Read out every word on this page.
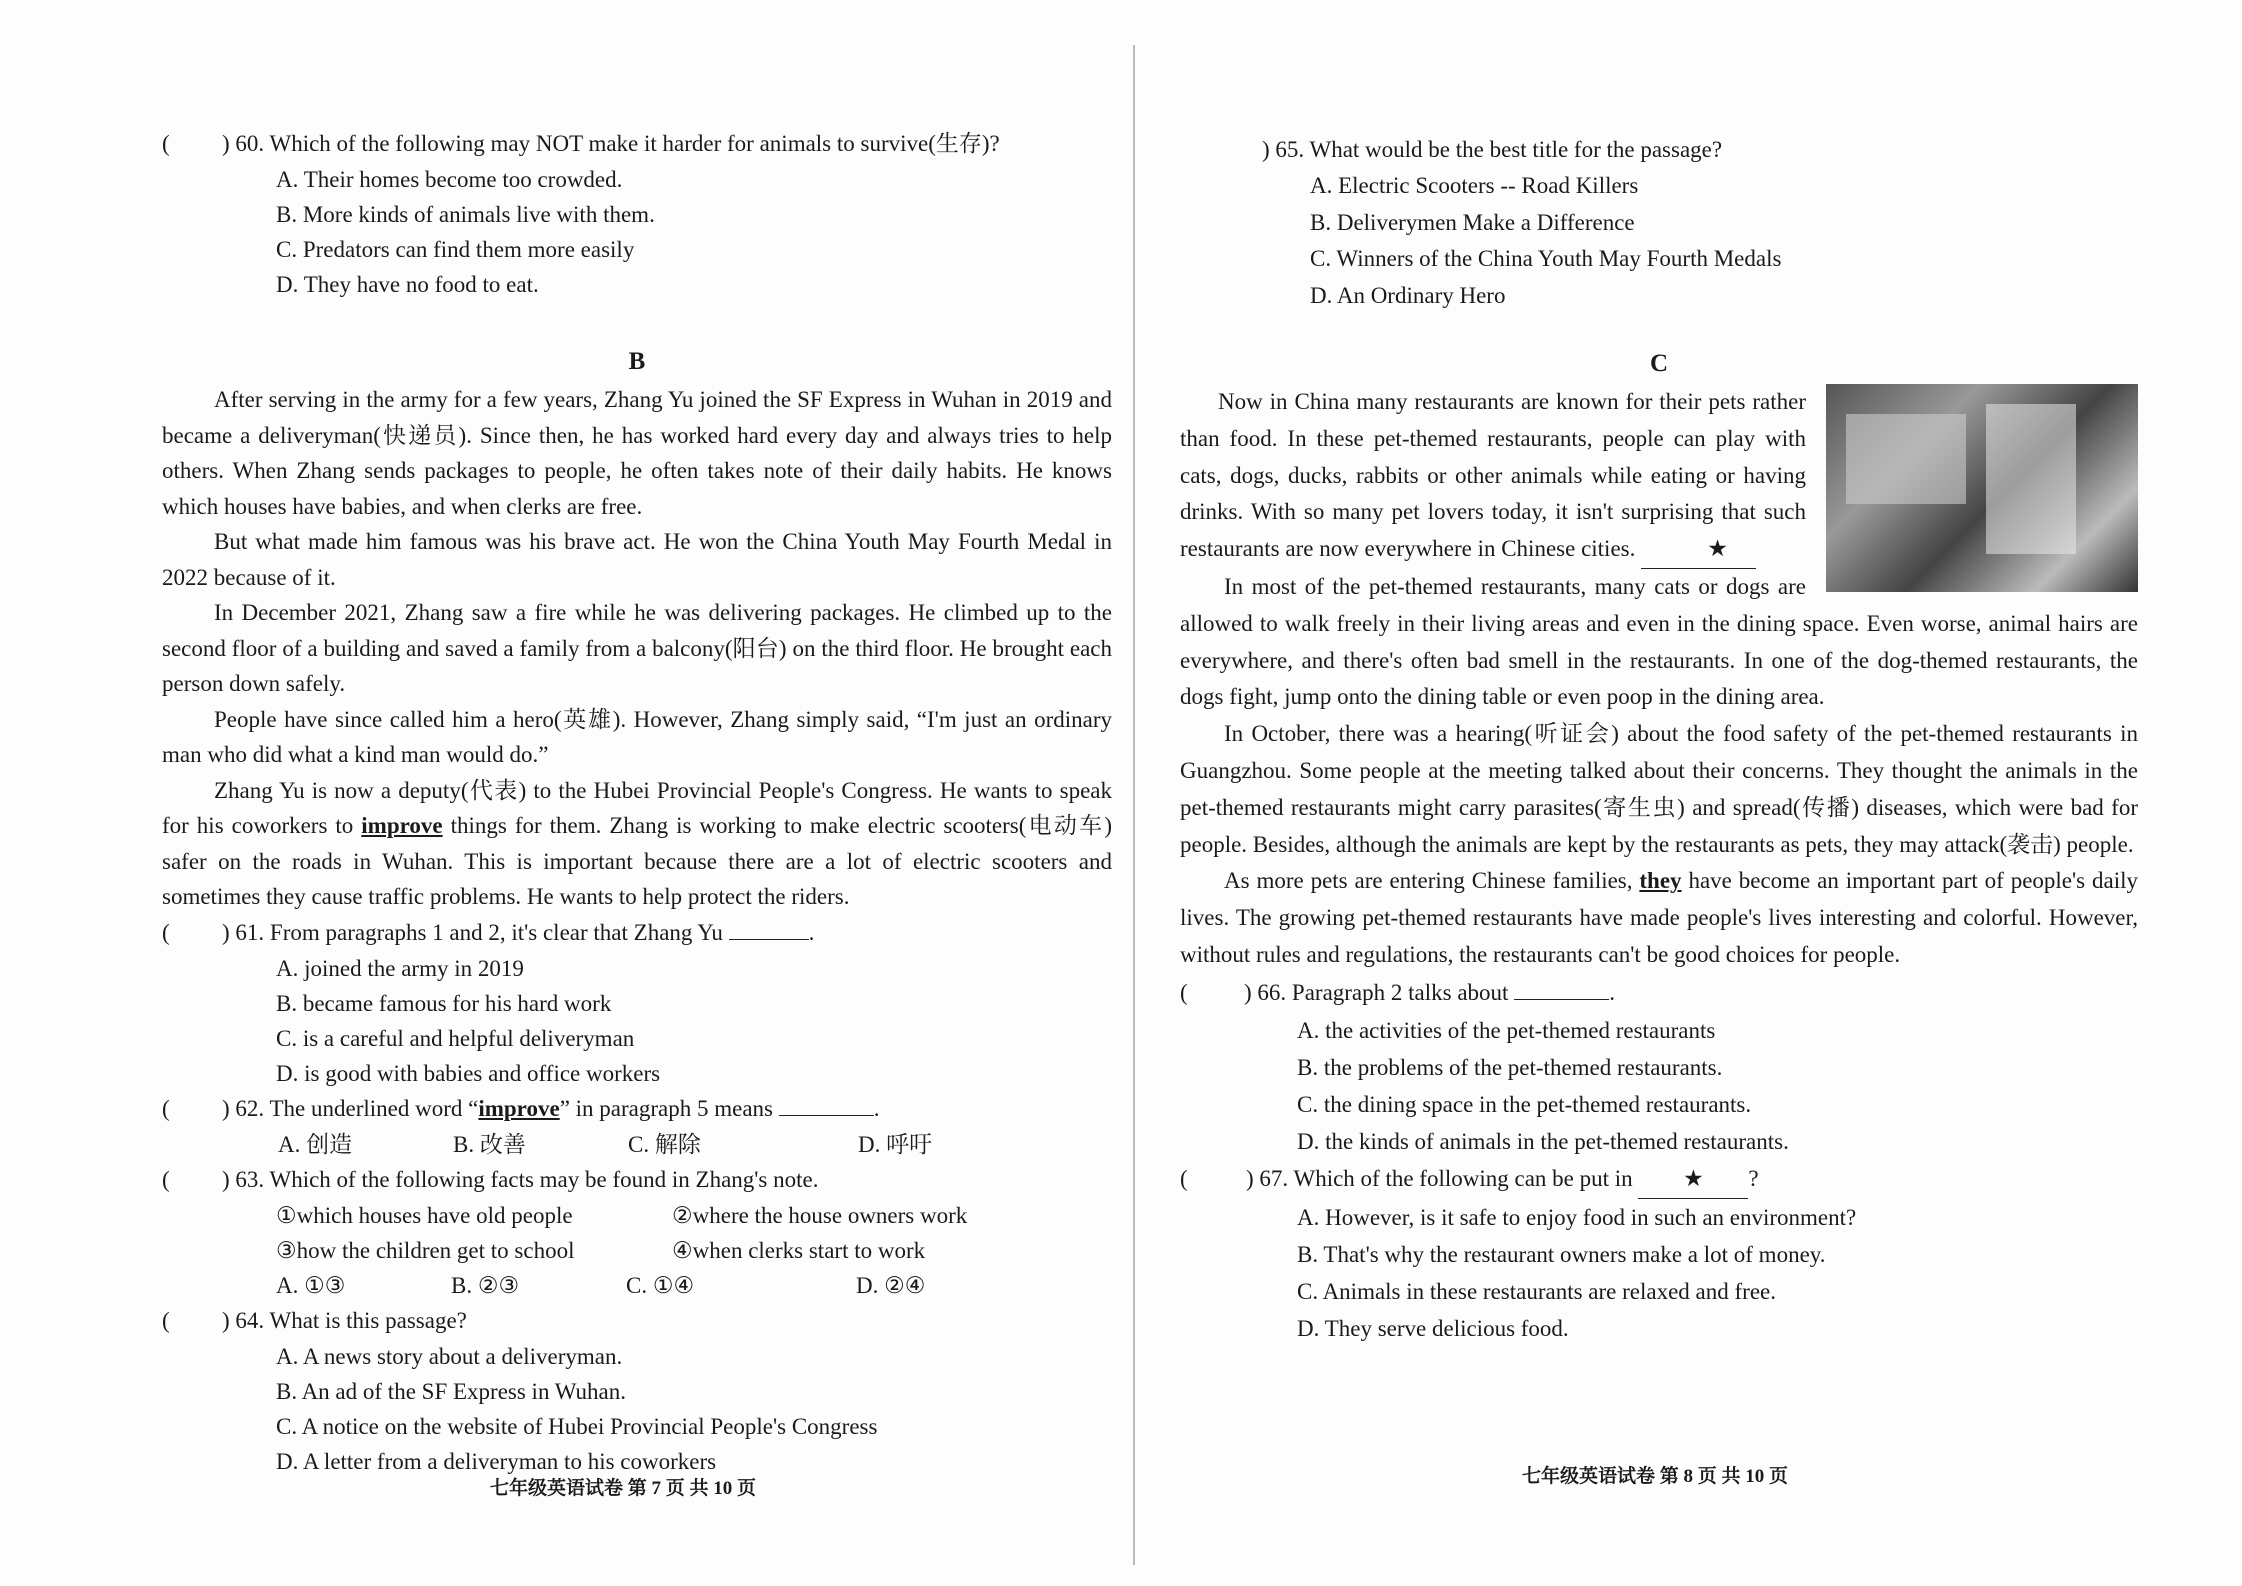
( ) 60. Which of the following may NOT make it harder for animals to survive(生存)?
A. Their homes become too crowded.
B. More kinds of animals live with them.
C. Predators can find them more easily
D. They have no food to eat.
B
After serving in the army for a few years, Zhang Yu joined the SF Express in Wuhan in 2019 and became a deliveryman(快递员). Since then, he has worked hard every day and always tries to help others. When Zhang sends packages to people, he often takes note of their daily habits. He knows which houses have babies, and when clerks are free.
But what made him famous was his brave act. He won the China Youth May Fourth Medal in 2022 because of it.
In December 2021, Zhang saw a fire while he was delivering packages. He climbed up to the second floor of a building and saved a family from a balcony(阳台) on the third floor. He brought each person down safely.
People have since called him a hero(英雄). However, Zhang simply said, “I'm just an ordinary man who did what a kind man would do.”
Zhang Yu is now a deputy(代表) to the Hubei Provincial People's Congress. He wants to speak for his coworkers to improve things for them. Zhang is working to make electric scooters(电动车) safer on the roads in Wuhan. This is important because there are a lot of electric scooters and sometimes they cause traffic problems. He wants to help protect the riders.
( ) 61. From paragraphs 1 and 2, it's clear that Zhang Yu	.
A. joined the army in 2019
B. became famous for his hard work
C. is a careful and helpful deliveryman
D. is good with babies and office workers
( ) 62. The underlined word “improve” in paragraph 5 means	.
A. 创造	B. 改善	C. 解除	D. 呼吁
( ) 63. Which of the following facts may be found in Zhang's note.
①which houses have old people	②where the house owners work
③how the children get to school	④when clerks start to work
A. ①③	B. ②③	C. ①④	D. ②④
( ) 64. What is this passage?
A. A news story about a deliveryman.
B. An ad of the SF Express in Wuhan.
C. A notice on the website of Hubei Provincial People's Congress
D. A letter from a deliveryman to his coworkers
七年级英语试卷 第 7 页 共 10 页
) 65. What would be the best title for the passage?
A. Electric Scooters -- Road Killers
B. Deliverymen Make a Difference
C. Winners of the China Youth May Fourth Medals
D. An Ordinary Hero
C
Now in China many restaurants are known for their pets rather than food. In these pet-themed restaurants, people can play with cats, dogs, ducks, rabbits or other animals while eating or having drinks. With so many pet lovers today, it isn't surprising that such restaurants are now everywhere in Chinese cities.	★
In most of the pet-themed restaurants, many cats or dogs are allowed to walk freely in their living areas and even in the dining space. Even worse, animal hairs are everywhere, and there's often bad smell in the restaurants. In one of the dog-themed restaurants, the dogs fight, jump onto the dining table or even poop in the dining area.
In October, there was a hearing(听证会) about the food safety of the pet-themed restaurants in Guangzhou. Some people at the meeting talked about their concerns. They thought the animals in the pet-themed restaurants might carry parasites(寄生虫) and spread(传播) diseases, which were bad for people. Besides, although the animals are kept by the restaurants as pets, they may attack(袭击) people.
As more pets are entering Chinese families, they have become an important part of people's daily lives. The growing pet-themed restaurants have made people's lives interesting and colorful. However, without rules and regulations, the restaurants can't be good choices for people.
( ) 66. Paragraph 2 talks about	.
A. the activities of the pet-themed restaurants
B. the problems of the pet-themed restaurants.
C. the dining space in the pet-themed restaurants.
D. the kinds of animals in the pet-themed restaurants.
(	) 67. Which of the following can be put in ★ ?
A. However, is it safe to enjoy food in such an environment?
B. That's why the restaurant owners make a lot of money.
C. Animals in these restaurants are relaxed and free.
D. They serve delicious food.
七年级英语试卷 第 8 页 共 10 页
